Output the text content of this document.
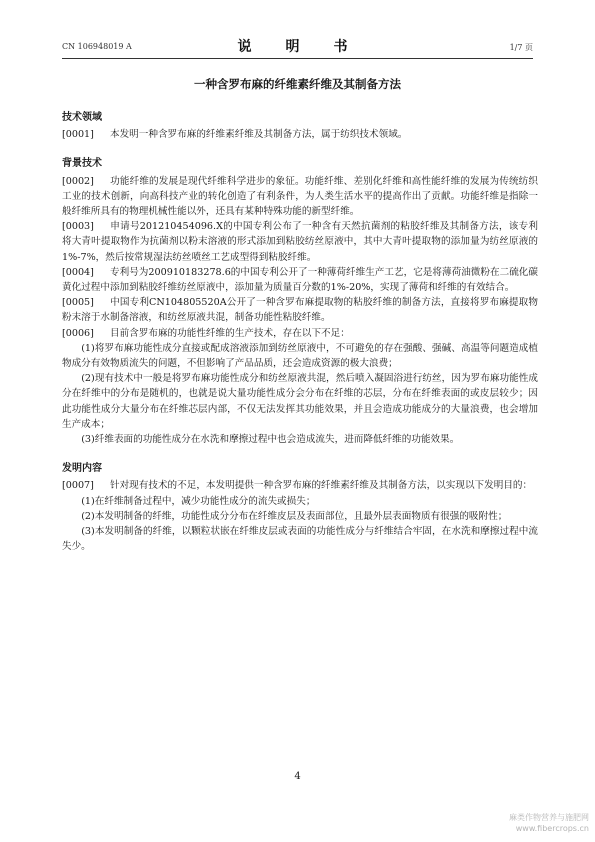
CN 106948019 A	说　明　书	1/7 页
一种含罗布麻的纤维素纤维及其制备方法
技术领域

[0001] 本发明一种含罗布麻的纤维素纤维及其制备方法，属于纺织技术领域。

背景技术

[0002] 功能纤维的发展是现代纤维科学进步的象征。功能纤维、差别化纤维和高性能纤维的发展为传统纺织工业的技术创新，向高科技产业的转化创造了有利条件，为人类生活水平的提高作出了贡献。功能纤维是指除一般纤维所具有的物理机械性能以外，还具有某种特殊功能的新型纤维。

[0003] 申请号201210454096.X的中国专利公布了一种含有天然抗菌剂的粘胶纤维及其制备方法，该专利将大青叶提取物作为抗菌剂以粉末溶液的形式添加到粘胶纺丝原液中，其中大青叶提取物的添加量为纺丝原液的1%-7%，然后按常规湿法纺丝喷丝工艺成型得到粘胶纤维。

[0004] 专利号为200910183278.6的中国专利公开了一种薄荷纤维生产工艺，它是将薄荷油微粉在二硫化碳黄化过程中添加到粘胶纤维纺丝原液中，添加量为质量百分数的1%-20%，实现了薄荷和纤维的有效结合。

[0005] 中国专利CN104805520A公开了一种含罗布麻提取物的粘胶纤维的制备方法，直接将罗布麻提取物粉末溶于水制备溶液，和纺丝原液共混，制备功能性粘胶纤维。

[0006] 目前含罗布麻的功能性纤维的生产技术，存在以下不足：

(1)将罗布麻功能性成分直接或配成溶液添加到纺丝原液中，不可避免的存在强酸、强碱、高温等问题造成植物成分有效物质流失的问题，不但影响了产品品质，还会造成资源的极大浪费；

(2)现有技术中一般是将罗布麻功能性成分和纺丝原液共混，然后喷入凝固浴进行纺丝，因为罗布麻功能性成分在纤维中的分布是随机的，也就是说大量功能性成分会分布在纤维的芯层，分布在纤维表面的或皮层较少；因此功能性成分大量分布在纤维芯层内部，不仅无法发挥其功能效果，并且会造成功能成分的大量浪费，也会增加生产成本；

(3)纤维表面的功能性成分在水洗和摩擦过程中也会造成流失，进而降低纤维的功能效果。

发明内容

[0007] 针对现有技术的不足，本发明提供一种含罗布麻的纤维素纤维及其制备方法，以实现以下发明目的：

(1)在纤维制备过程中，减少功能性成分的流失或损失；

(2)本发明制备的纤维，功能性成分分布在纤维皮层及表面部位，且最外层表面物质有很强的吸附性；

(3)本发明制备的纤维，以颗粒状嵌在纤维皮层或表面的功能性成分与纤维结合牢固，在水洗和摩擦过程中流失少。

4
麻类作物营养与施肥网
www.fibercrops.cn
